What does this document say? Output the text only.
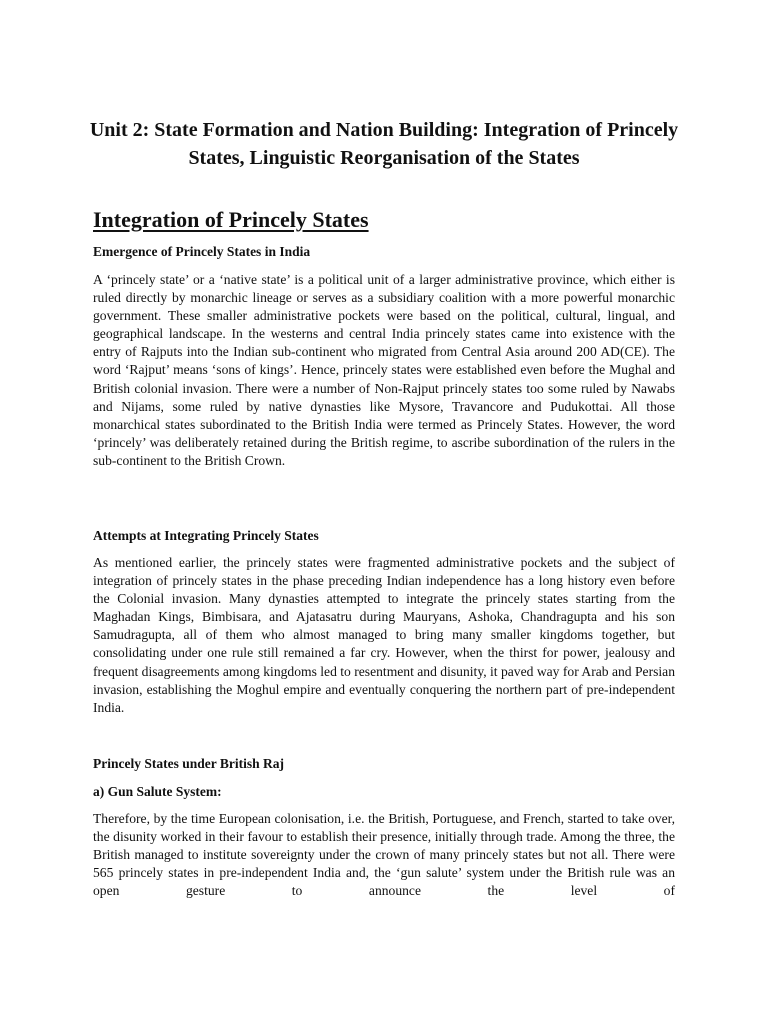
Unit 2: State Formation and Nation Building: Integration of Princely States, Linguistic Reorganisation of the States
Integration of Princely States
Emergence of Princely States in India

A ‘princely state’ or a ‘native state’ is a political unit of a larger administrative province, which either is ruled directly by monarchic lineage or serves as a subsidiary coalition with a more powerful monarchic government. These smaller administrative pockets were based on the political, cultural, lingual, and geographical landscape. In the westerns and central India princely states came into existence with the entry of Rajputs into the Indian sub-continent who migrated from Central Asia around 200 AD(CE). The word ‘Rajput’ means ‘sons of kings’. Hence, princely states were established even before the Mughal and British colonial invasion. There were a number of Non-Rajput princely states too some ruled by Nawabs and Nijams, some ruled by native dynasties like Mysore, Travancore and Pudukottai. All those monarchical states subordinated to the British India were termed as Princely States. However, the word ‘princely’ was deliberately retained during the British regime, to ascribe subordination of the rulers in the sub-continent to the British Crown.

Attempts at Integrating Princely States

As mentioned earlier, the princely states were fragmented administrative pockets and the subject of integration of princely states in the phase preceding Indian independence has a long history even before the Colonial invasion. Many dynasties attempted to integrate the princely states starting from the Maghadan Kings, Bimbisara, and Ajatasatru during Mauryans, Ashoka, Chandragupta and his son Samudragupta, all of them who almost managed to bring many smaller kingdoms together, but consolidating under one rule still remained a far cry. However, when the thirst for power, jealousy and frequent disagreements among kingdoms led to resentment and disunity, it paved way for Arab and Persian invasion, establishing the Moghul empire and eventually conquering the northern part of pre-independent India.

Princely States under British Raj
a) Gun Salute System:

Therefore, by the time European colonisation, i.e. the British, Portuguese, and French, started to take over, the disunity worked in their favour to establish their presence, initially through trade. Among the three, the British managed to institute sovereignty under the crown of many princely states but not all. There were 565 princely states in pre-independent India and, the ‘gun salute’ system under the British rule was an open gesture to announce the level of
